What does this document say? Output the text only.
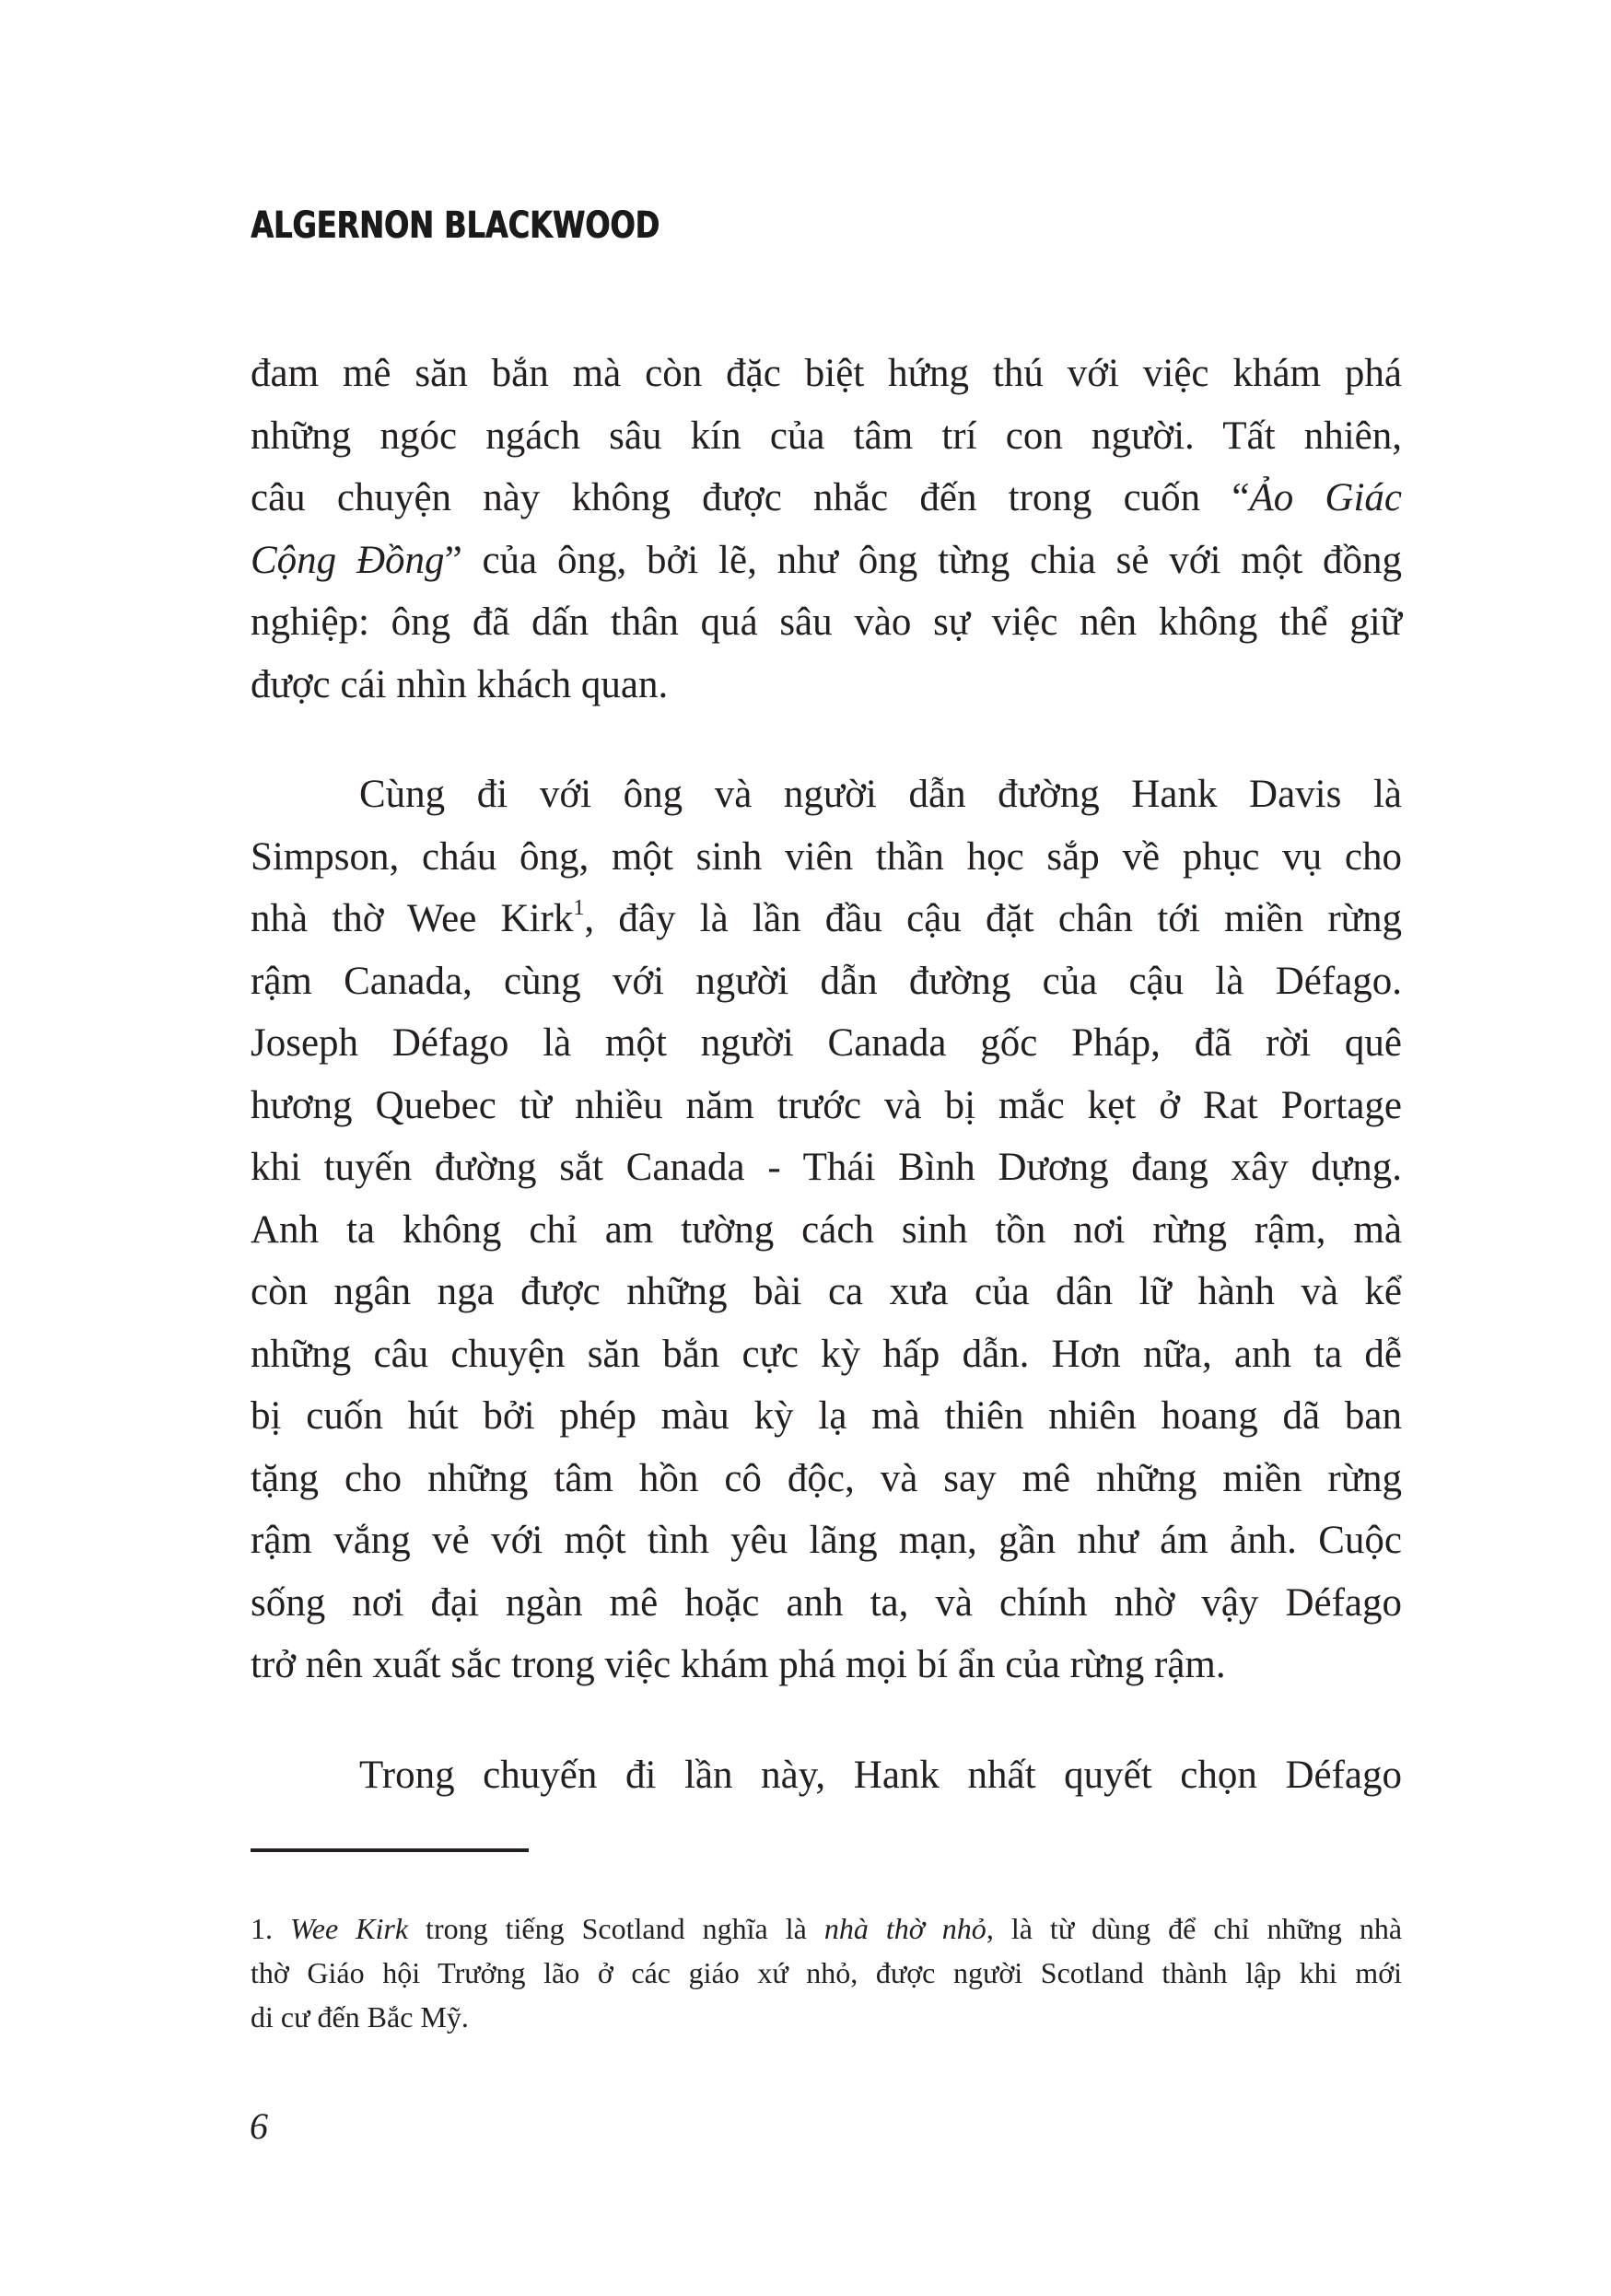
ALGERNON BLACKWOOD
đam mê săn bắn mà còn đặc biệt hứng thú với việc khám phá
những ngóc ngách sâu kín của tâm trí con người. Tất nhiên,
câu chuyện này không được nhắc đến trong cuốn “Ảo Giác
Cộng Đồng” của ông, bởi lẽ, như ông từng chia sẻ với một đồng
nghiệp: ông đã dấn thân quá sâu vào sự việc nên không thể giữ
được cái nhìn khách quan.
Cùng đi với ông và người dẫn đường Hank Davis là
Simpson, cháu ông, một sinh viên thần học sắp về phục vụ cho
nhà thờ Wee Kirk$^1$, đây là lần đầu cậu đặt chân tới miền rừng
rậm Canada, cùng với người dẫn đường của cậu là Défago.
Joseph Défago là một người Canada gốc Pháp, đã rời quê
hương Quebec từ nhiều năm trước và bị mắc kẹt ở Rat Portage
khi tuyến đường sắt Canada - Thái Bình Dương đang xây dựng.
Anh ta không chỉ am tường cách sinh tồn nơi rừng rậm, mà
còn ngân nga được những bài ca xưa của dân lữ hành và kể
những câu chuyện săn bắn cực kỳ hấp dẫn. Hơn nữa, anh ta dễ
bị cuốn hút bởi phép màu kỳ lạ mà thiên nhiên hoang dã ban
tặng cho những tâm hồn cô độc, và say mê những miền rừng
rậm vắng vẻ với một tình yêu lãng mạn, gần như ám ảnh. Cuộc
sống nơi đại ngàn mê hoặc anh ta, và chính nhờ vậy Défago
trở nên xuất sắc trong việc khám phá mọi bí ẩn của rừng rậm.
Trong chuyến đi lần này, Hank nhất quyết chọn Défago
1. Wee Kirk trong tiếng Scotland nghĩa là nhà thờ nhỏ, là từ dùng để chỉ những nhà
thờ Giáo hội Trưởng lão ở các giáo xứ nhỏ, được người Scotland thành lập khi mới
di cư đến Bắc Mỹ.
6
